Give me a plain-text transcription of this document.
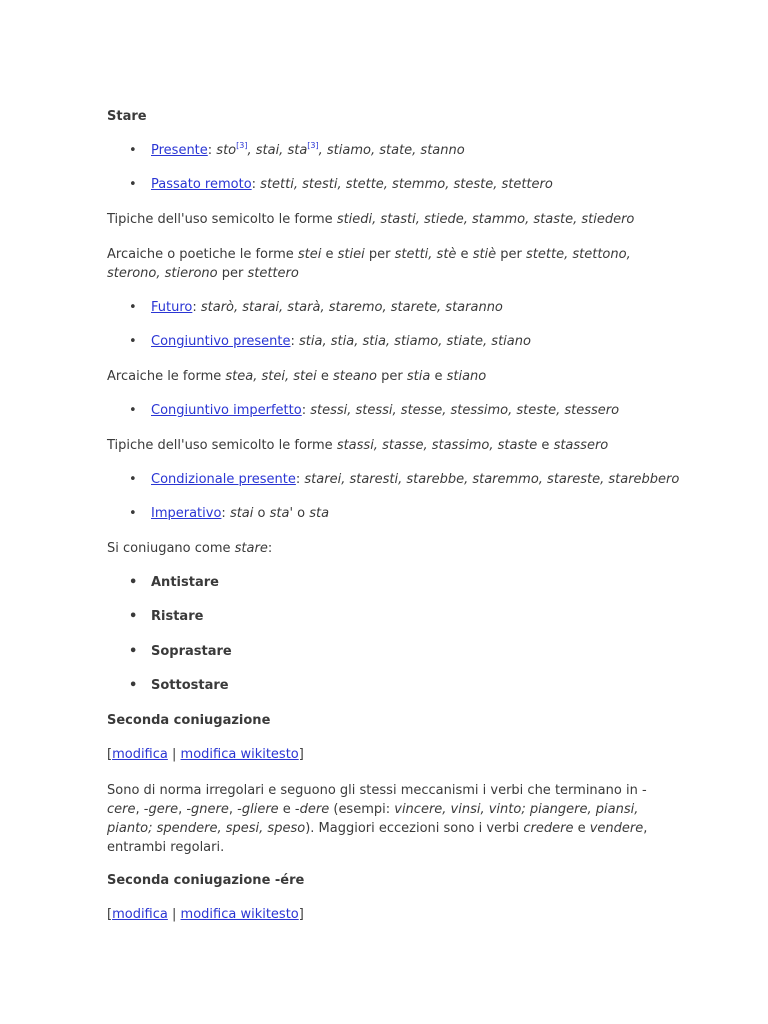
Stare
• Presente: sto[3], stai, sta[3], stiamo, state, stanno
• Passato remoto: stetti, stesti, stette, stemmo, steste, stettero
Tipiche dell'uso semicolto le forme stiedi, stasti, stiede, stammo, staste, stiedero
Arcaiche o poetiche le forme stei e stiei per stetti, stè e stiè per stette, stettono, sterono, stierono per stettero
• Futuro: starò, starai, starà, staremo, starete, staranno
• Congiuntivo presente: stia, stia, stia, stiamo, stiate, stiano
Arcaiche le forme stea, stei, stei e steano per stia e stiano
• Congiuntivo imperfetto: stessi, stessi, stesse, stessimo, steste, stessero
Tipiche dell'uso semicolto le forme stassi, stasse, stassimo, staste e stassero
• Condizionale presente: starei, staresti, starebbe, staremmo, stareste, starebbero
• Imperativo: stai o sta' o sta
Si coniugano come stare:
• Antistare
• Ristare
• Soprastare
• Sottostare
Seconda coniugazione
[modifica | modifica wikitesto]
Sono di norma irregolari e seguono gli stessi meccanismi i verbi che terminano in -cere, -gere, -gnere, -gliere e -dere (esempi: vincere, vinsi, vinto; piangere, piansi, pianto; spendere, spesi, speso). Maggiori eccezioni sono i verbi credere e vendere, entrambi regolari.
Seconda coniugazione -ére
[modifica | modifica wikitesto]
